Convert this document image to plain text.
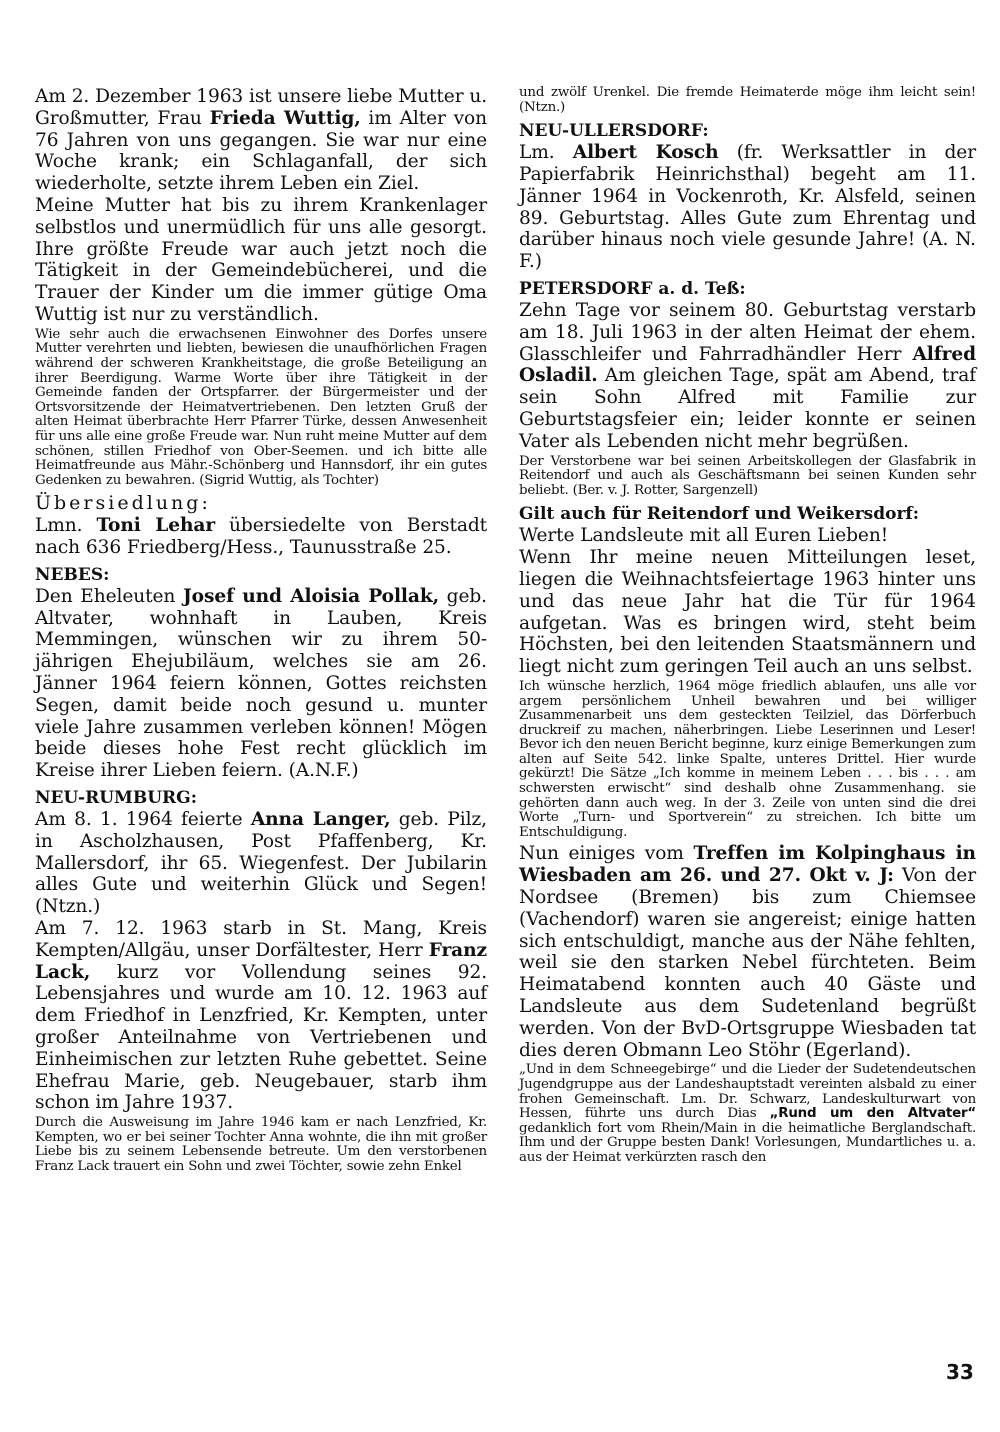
Am 2. Dezember 1963 ist unsere liebe Mutter u. Großmutter, Frau Frieda Wuttig, im Alter von 76 Jahren von uns gegangen. Sie war nur eine Woche krank; ein Schlaganfall, der sich wiederholte, setzte ihrem Leben ein Ziel.

Meine Mutter hat bis zu ihrem Krankenlager selbstlos und unermüdlich für uns alle gesorgt. Ihre größte Freude war auch jetzt noch die Tätigkeit in der Gemeindebücherei, und die Trauer der Kinder um die immer gütige Oma Wuttig ist nur zu verständlich.

Wie sehr auch die erwachsenen Einwohner des Dorfes unsere Mutter verehrten und liebten, bewiesen die unaufhörlichen Fragen während der schweren Krankheitstage, die große Beteiligung an ihrer Beerdigung. Warme Worte über ihre Tätigkeit in der Gemeinde fanden der Ortspfarrer. der Bürgermeister und der Ortsvorsitzende der Heimatvertriebenen. Den letzten Gruß der alten Heimat überbrachte Herr Pfarrer Türke, dessen Anwesenheit für uns alle eine große Freude war. Nun ruht meine Mutter auf dem schönen, stillen Friedhof von Ober-Seemen. und ich bitte alle Heimatfreunde aus Mähr.-Schönberg und Hannsdorf, ihr ein gutes Gedenken zu bewahren. (Sigrid Wuttig, als Tochter)

Übersiedlung:

Lmn. Toni Lehar übersiedelte von Berstadt nach 636 Friedberg/Hess., Taunusstraße 25.

NEBES:

Den Eheleuten Josef und Aloisia Pollak, geb. Altvater, wohnhaft in Lauben, Kreis Memmingen, wünschen wir zu ihrem 50-jährigen Ehejubiläum, welches sie am 26. Jänner 1964 feiern können, Gottes reichsten Segen, damit beide noch gesund u. munter viele Jahre zusammen verleben können! Mögen beide dieses hohe Fest recht glücklich im Kreise ihrer Lieben feiern. (A.N.F.)

NEU-RUMBURG:

Am 8. 1. 1964 feierte Anna Langer, geb. Pilz, in Ascholzhausen, Post Pfaffenberg, Kr. Mallersdorf, ihr 65. Wiegenfest. Der Jubilarin alles Gute und weiterhin Glück und Segen! (Ntzn.)

Am 7. 12. 1963 starb in St. Mang, Kreis Kempten/Allgäu, unser Dorfältester, Herr Franz Lack, kurz vor Vollendung seines 92. Lebensjahres und wurde am 10. 12. 1963 auf dem Friedhof in Lenzfried, Kr. Kempten, unter großer Anteilnahme von Vertriebenen und Einheimischen zur letzten Ruhe gebettet. Seine Ehefrau Marie, geb. Neugebauer, starb ihm schon im Jahre 1937.

Durch die Ausweisung im Jahre 1946 kam er nach Lenzfried, Kr. Kempten, wo er bei seiner Tochter Anna wohnte, die ihn mit großer Liebe bis zu seinem Lebensende betreute. Um den verstorbenen Franz Lack trauert ein Sohn und zwei Töchter, sowie zehn Enkel

und zwölf Urenkel. Die fremde Heimaterde möge ihm leicht sein! (Ntzn.)

NEU-ULLERSDORF:

Lm. Albert Kosch (fr. Werksattler in der Papierfabrik Heinrichsthal) begeht am 11. Jänner 1964 in Vockenroth, Kr. Alsfeld, seinen 89. Geburtstag. Alles Gute zum Ehrentag und darüber hinaus noch viele gesunde Jahre! (A. N. F.)

PETERSDORF a. d. Teß:

Zehn Tage vor seinem 80. Geburtstag verstarb am 18. Juli 1963 in der alten Heimat der ehem. Glasschleifer und Fahrradhändler Herr Alfred Osladil. Am gleichen Tage, spät am Abend, traf sein Sohn Alfred mit Familie zur Geburtstagsfeier ein; leider konnte er seinen Vater als Lebenden nicht mehr begrüßen.

Der Verstorbene war bei seinen Arbeitskollegen der Glasfabrik in Reitendorf und auch als Geschäftsmann bei seinen Kunden sehr beliebt. (Ber. v. J. Rotter, Sargenzell)

Gilt auch für Reitendorf und Weikersdorf:

Werte Landsleute mit all Euren Lieben!

Wenn Ihr meine neuen Mitteilungen leset, liegen die Weihnachtsfeiertage 1963 hinter uns und das neue Jahr hat die Tür für 1964 aufgetan. Was es bringen wird, steht beim Höchsten, bei den leitenden Staatsmännern und liegt nicht zum geringen Teil auch an uns selbst.

Ich wünsche herzlich, 1964 möge friedlich ablaufen, uns alle vor argem persönlichem Unheil bewahren und bei williger Zusammenarbeit uns dem gesteckten Teilziel, das Dörferbuch druckreif zu machen, näherbringen. Liebe Leserinnen und Leser! Bevor ich den neuen Bericht beginne, kurz einige Bemerkungen zum alten auf Seite 542. linke Spalte, unteres Drittel. Hier wurde gekürzt! Die Sätze „Ich komme in meinem Leben . . . bis . . . am schwersten erwischt“ sind deshalb ohne Zusammenhang. sie gehörten dann auch weg. In der 3. Zeile von unten sind die drei Worte „Turn- und Sportverein“ zu streichen. Ich bitte um Entschuldigung.

Nun einiges vom Treffen im Kolpinghaus in Wiesbaden am 26. und 27. Okt v. J: Von der Nordsee (Bremen) bis zum Chiemsee (Vachendorf) waren sie angereist; einige hatten sich entschuldigt, manche aus der Nähe fehlten, weil sie den starken Nebel fürchteten. Beim Heimatabend konnten auch 40 Gäste und Landsleute aus dem Sudetenland begrüßt werden. Von der BvD-Ortsgruppe Wiesbaden tat dies deren Obmann Leo Stöhr (Egerland).

„Und in dem Schneegebirge“ und die Lieder der Sudetendeutschen Jugendgruppe aus der Landeshauptstadt vereinten alsbald zu einer frohen Gemeinschaft. Lm. Dr. Schwarz, Landeskulturwart von Hessen, führte uns durch Dias „Rund um den Altvater“ gedanklich fort vom Rhein/Main in die heimatliche Berglandschaft. Ihm und der Gruppe besten Dank! Vorlesungen, Mundartliches u. a. aus der Heimat verkürzten rasch den

33
